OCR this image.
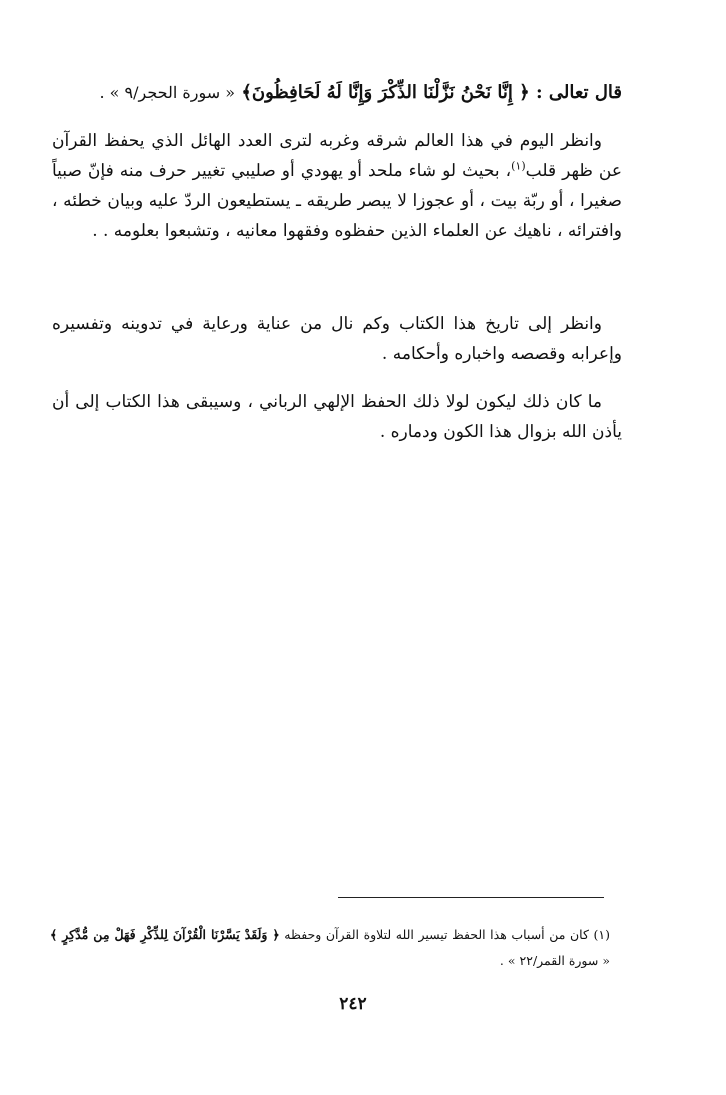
قال تعالى : ﴿ إِنَّا نَحْنُ نَزَّلْنَا الذِّكْرَ وَإِنَّا لَهُ لَحَافِظُونَ﴾ « سورة الحجر/٩ » .
وانظر اليوم في هذا العالم شرقه وغربه لترى العدد الهائل الذي يحفظ القرآن عن ظهر قلب$^{(١)}$، بحيث لو شاء ملحد أو يهودي أو صليبي تغيير حرف منه فإنّ صبياً صغيرا ، أو ربّة بيت ، أو عجوزا لا يبصر طريقه ـ يستطيعون الردّ عليه وبيان خطئه ، وافترائه ، ناهيك عن العلماء الذين حفظوه وفقهوا معانيه ، وتشبعوا بعلومه . .
وانظر إلى تاريخ هذا الكتاب وكم نال من عناية ورعاية في تدوينه وتفسيره وإعرابه وقصصه واخباره وأحكامه .
ما كان ذلك ليكون لولا ذلك الحفظ الإلهي الرباني ، وسيبقى هذا الكتاب إلى أن يأذن الله بزوال هذا الكون ودماره .
(١) كان من أسباب هذا الحفظ تيسير الله لتلاوة القرآن وحفظه ﴿ وَلَقَدْ يَسَّرْنَا الْقُرْآنَ لِلذِّكْرِ فَهَلْ مِن مُّدَّكِرٍ ﴾ « سورة القمر/٢٢ » .
٢٤٢
